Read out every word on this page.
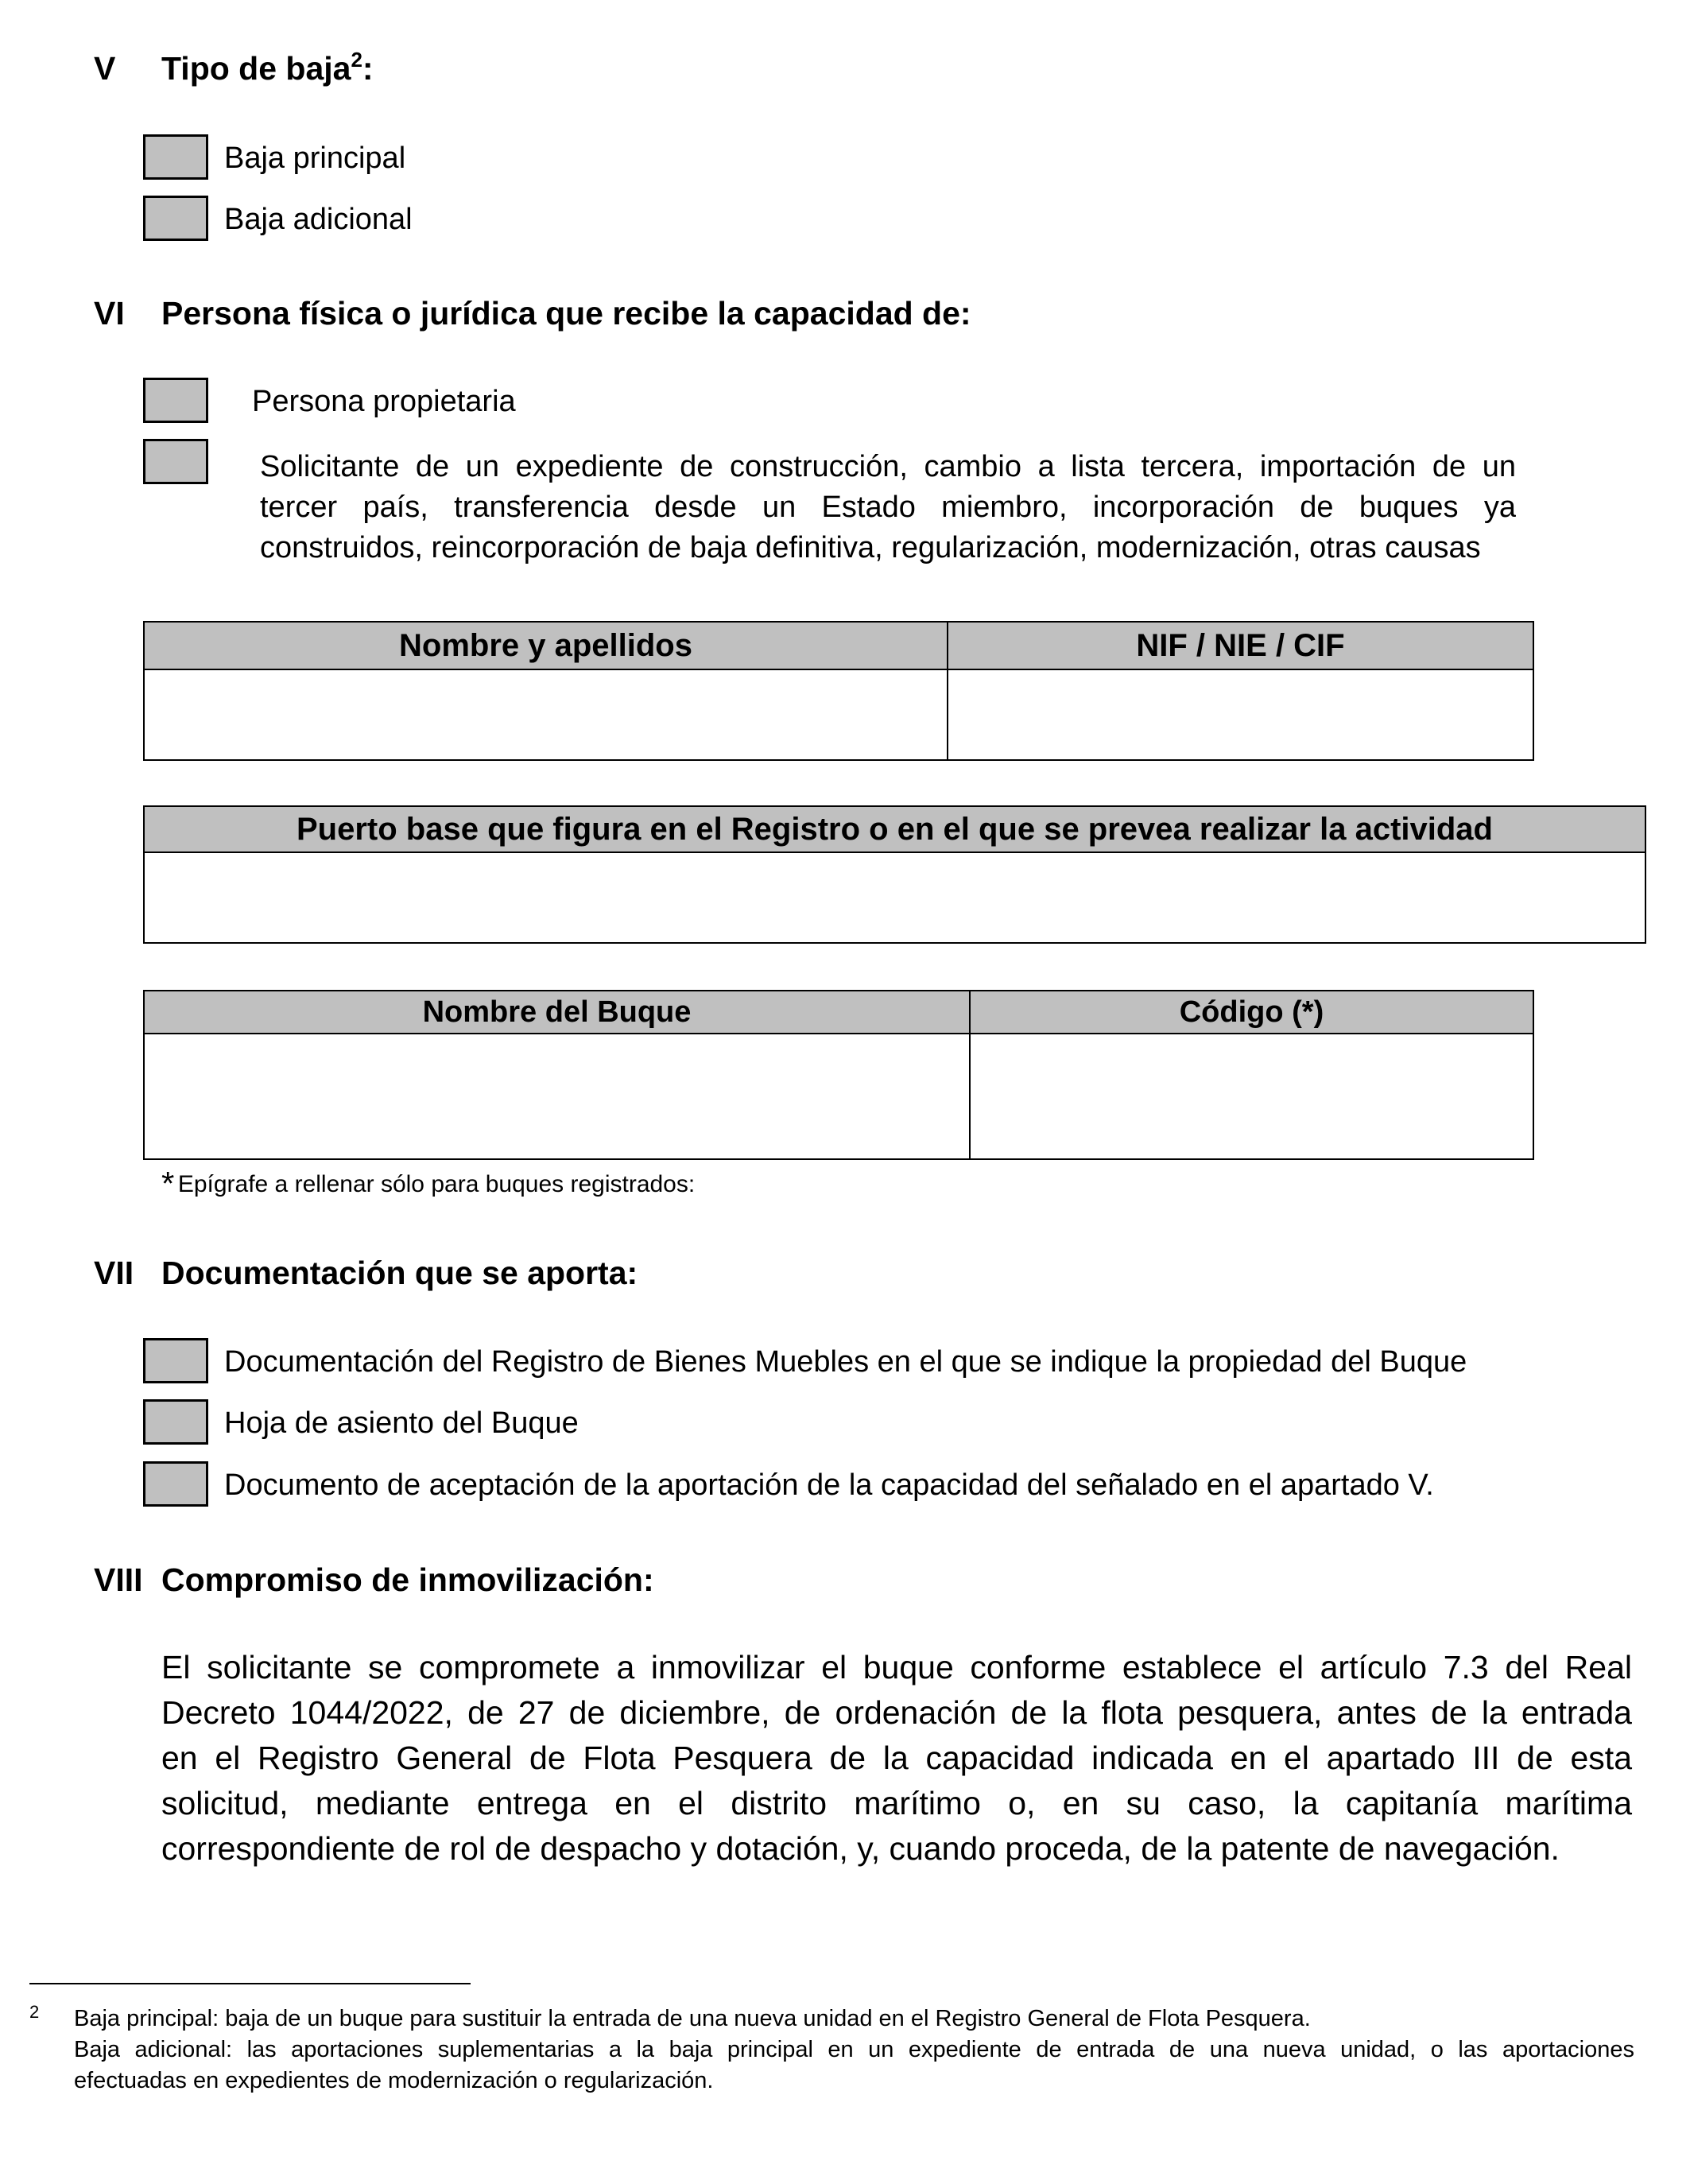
V Tipo de baja$^2$:
Baja principal
Baja adicional
VI Persona física o jurídica que recibe la capacidad de:
Persona propietaria
Solicitante de un expediente de construcción, cambio a lista tercera, importación de un
tercer país, transferencia desde un Estado miembro, incorporación de buques ya
construidos, reincorporación de baja definitiva, regularización, modernización, otras causas
Nombre y apellidos	NIF / NIE / CIF

Puerto base que figura en el Registro o en el que se prevea realizar la actividad

Nombre del Buque	Código (*)

* Epígrafe a rellenar sólo para buques registrados:
VII Documentación que se aporta:
Documentación del Registro de Bienes Muebles en el que se indique la propiedad del Buque
Hoja de asiento del Buque
Documento de aceptación de la aportación de la capacidad del señalado en el apartado V.
VIII Compromiso de inmovilización:
El solicitante se compromete a inmovilizar el buque conforme establece el artículo 7.3 del Real
Decreto 1044/2022, de 27 de diciembre, de ordenación de la flota pesquera, antes de la entrada
en el Registro General de Flota Pesquera de la capacidad indicada en el apartado III de esta
solicitud, mediante entrega en el distrito marítimo o, en su caso, la capitanía marítima
correspondiente de rol de despacho y dotación, y, cuando proceda, de la patente de navegación.
2 Baja principal: baja de un buque para sustituir la entrada de una nueva unidad en el Registro General de Flota Pesquera.
Baja adicional: las aportaciones suplementarias a la baja principal en un expediente de entrada de una nueva unidad, o las aportaciones
efectuadas en expedientes de modernización o regularización.
